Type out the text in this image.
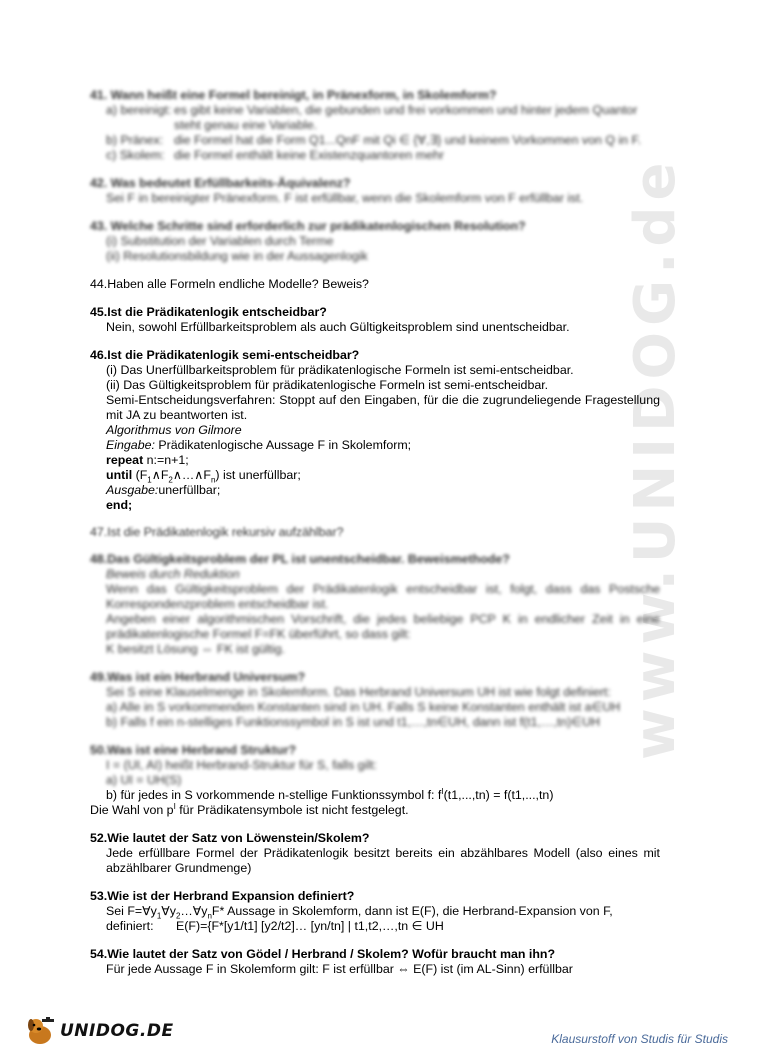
www.UNIDOG.de

41. Wann heißt eine Formel bereinigt, in Pränexform, in Skolemform?

a) bereinigt: es gibt keine Variablen, die gebunden und frei vorkommen und hinter jedem Quantor steht genau eine Variable.
b) Pränex: die Formel hat die Form Q1...QnF mit Qi ∈ {∀,∃} und keinem Vorkommen von Q in F.
c) Skolem: die Formel enthält keine Existenzquantoren mehr

42. Was bedeutet Erfüllbarkeits-Äquivalenz?

Sei F in bereinigter Pränexform. F ist erfüllbar, wenn die Skolemform von F erfüllbar ist.

43. Welche Schritte sind erforderlich zur prädikatenlogischen Resolution?

(i) Substitution der Variablen durch Terme

(ii) Resolutionsbildung wie in der Aussagenlogik

44.Haben alle Formeln endliche Modelle? Beweis?

45.Ist die Prädikatenlogik entscheidbar?

Nein, sowohl Erfüllbarkeitsproblem als auch Gültigkeitsproblem sind unentscheidbar.

46.Ist die Prädikatenlogik semi-entscheidbar?

(i) Das Unerfüllbarkeitsproblem für prädikatenlogische Formeln ist semi-entscheidbar.

(ii) Das Gültigkeitsproblem für prädikatenlogische Formeln ist semi-entscheidbar.

Semi-Entscheidungsverfahren: Stoppt auf den Eingaben, für die die zugrundeliegende Fragestellung mit JA zu beantworten ist.

Algorithmus von Gilmore

Eingabe: Prädikatenlogische Aussage F in Skolemform;

repeat n:=n+1;

until $(F_1\wedge F_2\wedge\dots\wedge F_n)$ ist unerfüllbar;

Ausgabe:unerfüllbar;

end;

47.Ist die Prädikatenlogik rekursiv aufzählbar?

48.Das Gültigkeitsproblem der PL ist unentscheidbar. Beweismethode?

Beweis durch Reduktion

Wenn das Gültigkeitsproblem der Prädikatenlogik entscheidbar ist, folgt, dass das Postsche Korrespondenzproblem entscheidbar ist.

Angeben einer algorithmischen Vorschrift, die jedes beliebige PCP K in endlicher Zeit in eine prädikatenlogische Formel F=FK überführt, so dass gilt:

K besitzt Lösung ⇔ FK ist gültig.

49.Was ist ein Herbrand Universum?

Sei S eine Klauselmenge in Skolemform. Das Herbrand Universum UH ist wie folgt definiert:

a) Alle in S vorkommenden Konstanten sind in UH. Falls S keine Konstanten enthält ist a∈UH

b) Falls f ein n-stelliges Funktionssymbol in S ist und t1,…,tn∈UH, dann ist f(t1,…,tn)∈UH

50.Was ist eine Herbrand Struktur?

I = (UI, AI) heißt Herbrand-Struktur für S, falls gilt:

a) UI = UH(S)

b) für jedes in S vorkommende n-stellige Funktionssymbol f: $f^I(t1,...,tn) = f(t1,...,tn)$

Die Wahl von $p^I$ für Prädikatensymbole ist nicht festgelegt.

52.Wie lautet der Satz von Löwenstein/Skolem?

Jede erfüllbare Formel der Prädikatenlogik besitzt bereits ein abzählbares Modell (also eines mit abzählbarer Grundmenge)

53.Wie ist der Herbrand Expansion definiert?

Sei $F=\forall y_1\forall y_2\dots\forall y_nF*$ Aussage in Skolemform, dann ist E(F), die Herbrand-Expansion von F,

definiert: E(F)={F*[y1/t1] [y2/t2]… [yn/tn] | t1,t2,…,tn ∈ UH

54.Wie lautet der Satz von Gödel / Herbrand / Skolem? Wofür braucht man ihn?

Für jede Aussage F in Skolemform gilt: F ist erfüllbar ⇔ E(F) ist (im AL-Sinn) erfüllbar

UNIDOG.DE	Klausurstoff von Studis für Studis
